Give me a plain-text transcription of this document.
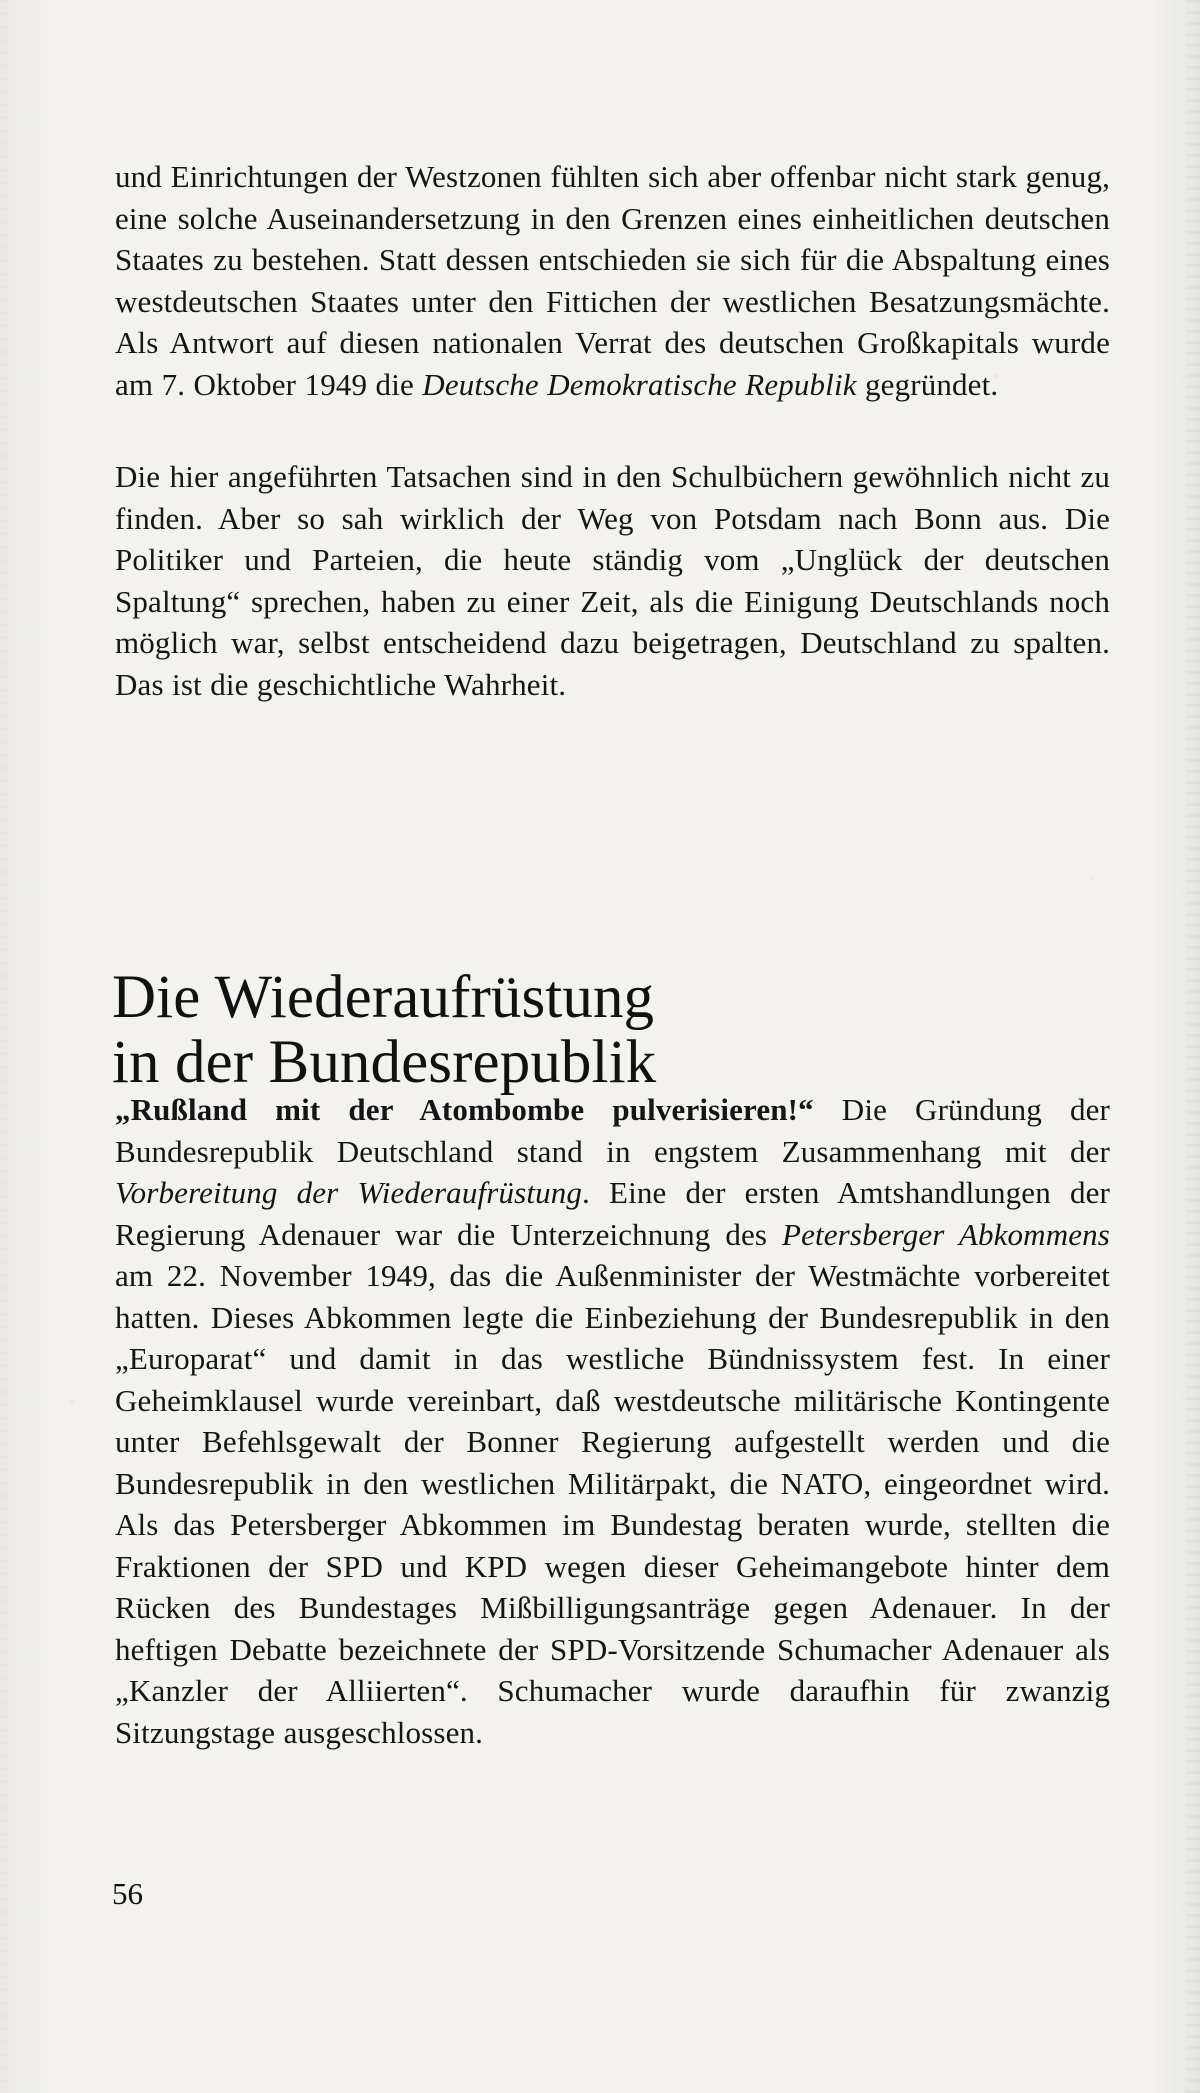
und Einrichtungen der Westzonen fühlten sich aber offenbar nicht stark genug, eine solche Auseinandersetzung in den Grenzen eines einheitlichen deutschen Staates zu bestehen. Statt dessen entschieden sie sich für die Abspaltung eines westdeutschen Staates unter den Fittichen der westlichen Besatzungsmächte. Als Antwort auf diesen nationalen Verrat des deutschen Großkapitals wurde am 7. Oktober 1949 die Deutsche Demokratische Republik gegründet.
Die hier angeführten Tatsachen sind in den Schulbüchern gewöhnlich nicht zu finden. Aber so sah wirklich der Weg von Potsdam nach Bonn aus. Die Politiker und Parteien, die heute ständig vom „Unglück der deutschen Spaltung“ sprechen, haben zu einer Zeit, als die Einigung Deutschlands noch möglich war, selbst entscheidend dazu beigetragen, Deutschland zu spalten. Das ist die geschichtliche Wahrheit.
Die Wiederaufrüstung
in der Bundesrepublik
„Rußland mit der Atombombe pulverisieren!“ Die Gründung der Bundesrepublik Deutschland stand in engstem Zusammenhang mit der Vorbereitung der Wiederaufrüstung. Eine der ersten Amtshandlungen der Regierung Adenauer war die Unterzeichnung des Petersberger Abkommens am 22. November 1949, das die Außenminister der Westmächte vorbereitet hatten. Dieses Abkommen legte die Einbeziehung der Bundesrepublik in den „Europarat“ und damit in das westliche Bündnissystem fest. In einer Geheimklausel wurde vereinbart, daß westdeutsche militärische Kontingente unter Befehlsgewalt der Bonner Regierung aufgestellt werden und die Bundesrepublik in den westlichen Militärpakt, die NATO, eingeordnet wird. Als das Petersberger Abkommen im Bundestag beraten wurde, stellten die Fraktionen der SPD und KPD wegen dieser Geheimangebote hinter dem Rücken des Bundestages Mißbilligungsanträge gegen Adenauer. In der heftigen Debatte bezeichnete der SPD-Vorsitzende Schumacher Adenauer als „Kanzler der Alliierten“. Schumacher wurde daraufhin für zwanzig Sitzungstage ausgeschlossen.
56
